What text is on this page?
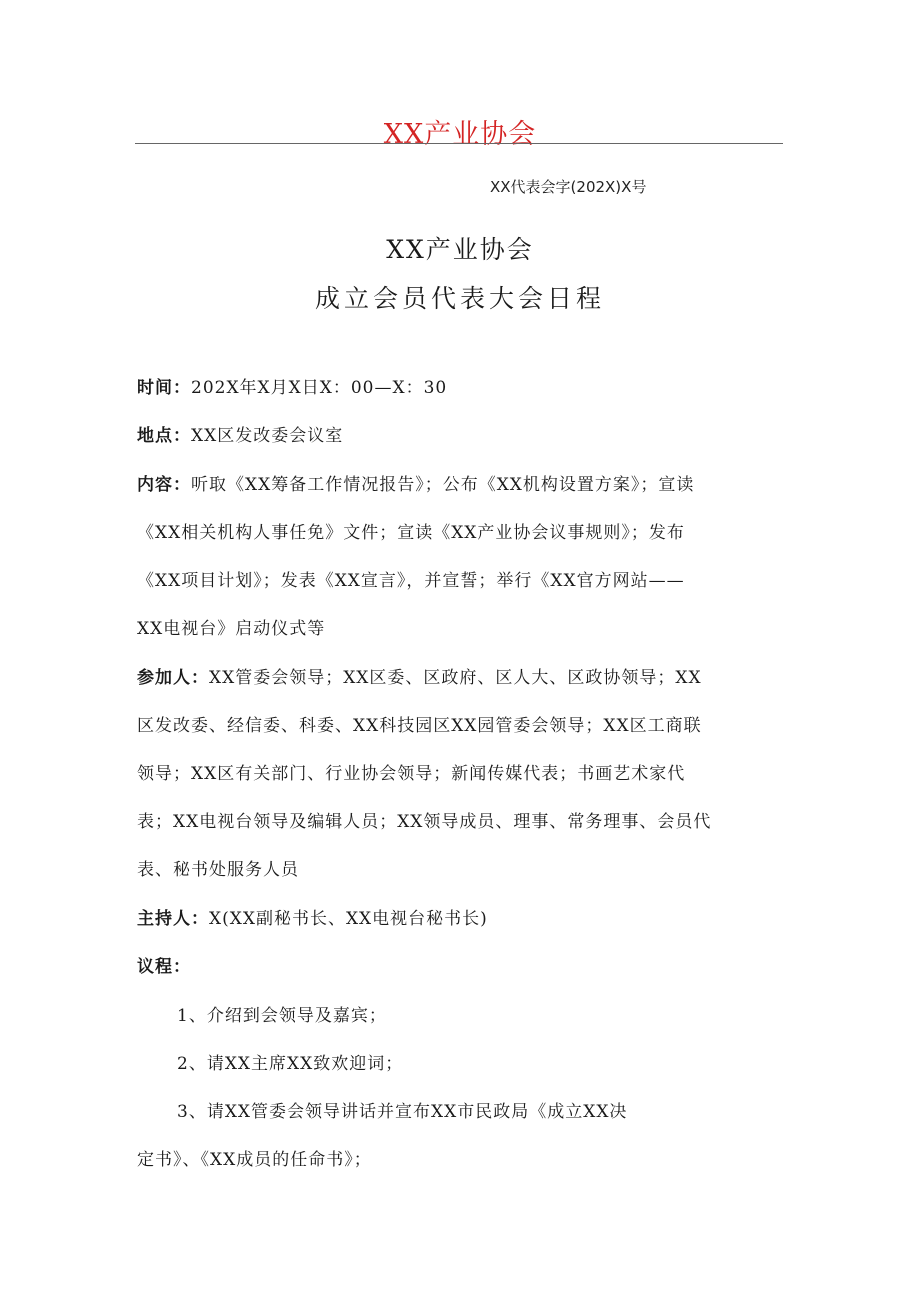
XX产业协会
XX代表会字(202X)X号
XX产业协会
成立会员代表大会日程
时间：202X年X月X日X：00—X：30
地点：XX区发改委会议室
内容：听取《XX筹备工作情况报告》；公布《XX机构设置方案》；宣读
《XX相关机构人事任免》文件；宣读《XX产业协会议事规则》；发布
《XX项目计划》；发表《XX宣言》，并宣誓；举行《XX官方网站——
XX电视台》启动仪式等
参加人：XX管委会领导；XX区委、区政府、区人大、区政协领导；XX
区发改委、经信委、科委、XX科技园区XX园管委会领导；XX区工商联
领导；XX区有关部门、行业协会领导；新闻传媒代表；书画艺术家代
表；XX电视台领导及编辑人员；XX领导成员、理事、常务理事、会员代
表、秘书处服务人员
主持人：X(XX副秘书长、XX电视台秘书长)
议程：
1、介绍到会领导及嘉宾；
2、请XX主席XX致欢迎词；
3、请XX管委会领导讲话并宣布XX市民政局《成立XX决
定书》、《XX成员的任命书》；
